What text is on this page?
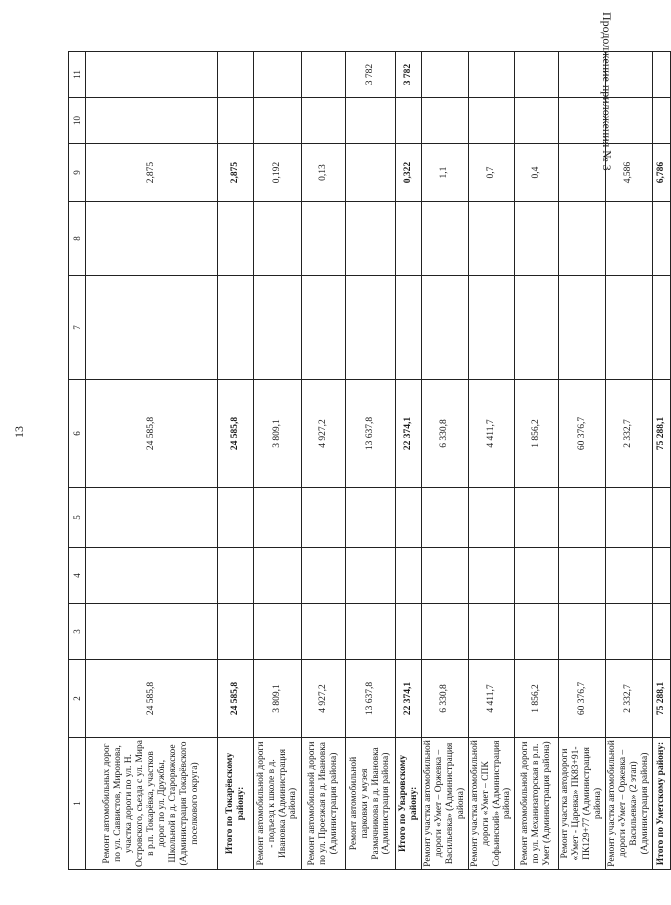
13
Продолжение приложения № 3
1	2	3	4	5	6	7	8	9	10	11
Ремонт автомобильных дорог по ул. Саввистов, Миронова, участка дороги по ул. Н. Островского, съезда с ул. Мира в р.п. Токарёвка, участков дорог по ул. Дружбы, Школьной в д. Староряжское (Администрация Токарёвского поселкового округа)	24 585,8				24 585,8			2,875		
Итого по Токарёвскому району:	24 585,8				24 585,8			2,875		
Ремонт автомобильной дороги - подъезд к школе в д. Ивановка (Администрация района)	3 809,1				3 809,1			0,192		
Ремонт автомобильной дороги по ул. Проезжая в д. Ивановка (Администрация района)	4 927,2				4 927,2			0,13		
Ремонт автомобильной парковки у музея Размачникова в д. Ивановка (Администрация района)	13 637,8				13 637,8					3 782
Итого по Уваровскому району:	22 374,1				22 374,1			0,322		3 782
Ремонт участка автомобильной дороги «Умет – Оржевка – Васильевка» (Администрация района)	6 330,8				6 330,8			1,1		
Ремонт участка автомобильной дороги «Умет – СПК Софьинский» (Администрация района)	4 411,7				4 411,7			0,7		
Ремонт автомобильной дороги по ул. Механизаторская в р.п. Умет (Администрация района)	1 856,2				1 856,2			0,4		
Ремонт участка автодороги «Умет - Царевка» ПК83+91-ПК129+77 (Администрация района)	60 376,7				60 376,7					
Ремонт участка автомобильной дороги «Умет – Оржевка – Васильевка» (2 этап) (Администрация района)	2 332,7				2 332,7			4,586		
Итого по Уметскому району:	75 288,1				75 288,1			6,786		
